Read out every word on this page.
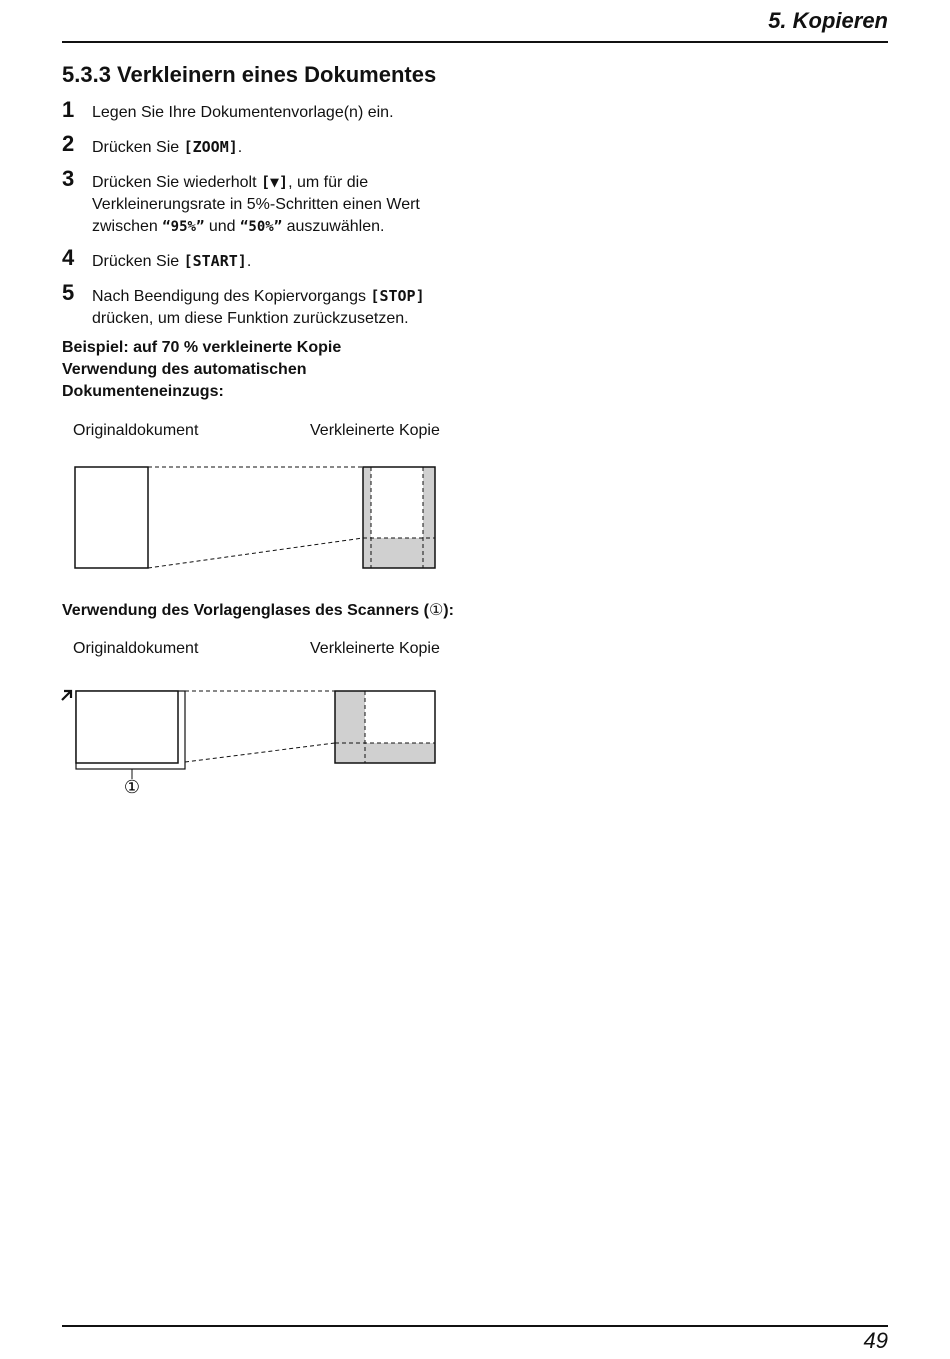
5. Kopieren
5.3.3 Verkleinern eines Dokumentes
1 Legen Sie Ihre Dokumentenvorlage(n) ein.
2 Drücken Sie [ZOOM].
3 Drücken Sie wiederholt [▼], um für die Verkleinerungsrate in 5%-Schritten einen Wert zwischen “95%” und “50%” auszuwählen.
4 Drücken Sie [START].
5 Nach Beendigung des Kopiervorgangs [STOP] drücken, um diese Funktion zurückzusetzen.
Beispiel: auf 70 % verkleinerte Kopie
Verwendung des automatischen
Dokumenteneinzugs:
Originaldokument	Verkleinerte Kopie
Verwendung des Vorlagenglases des Scanners (①):
Originaldokument	Verkleinerte Kopie
①
49
